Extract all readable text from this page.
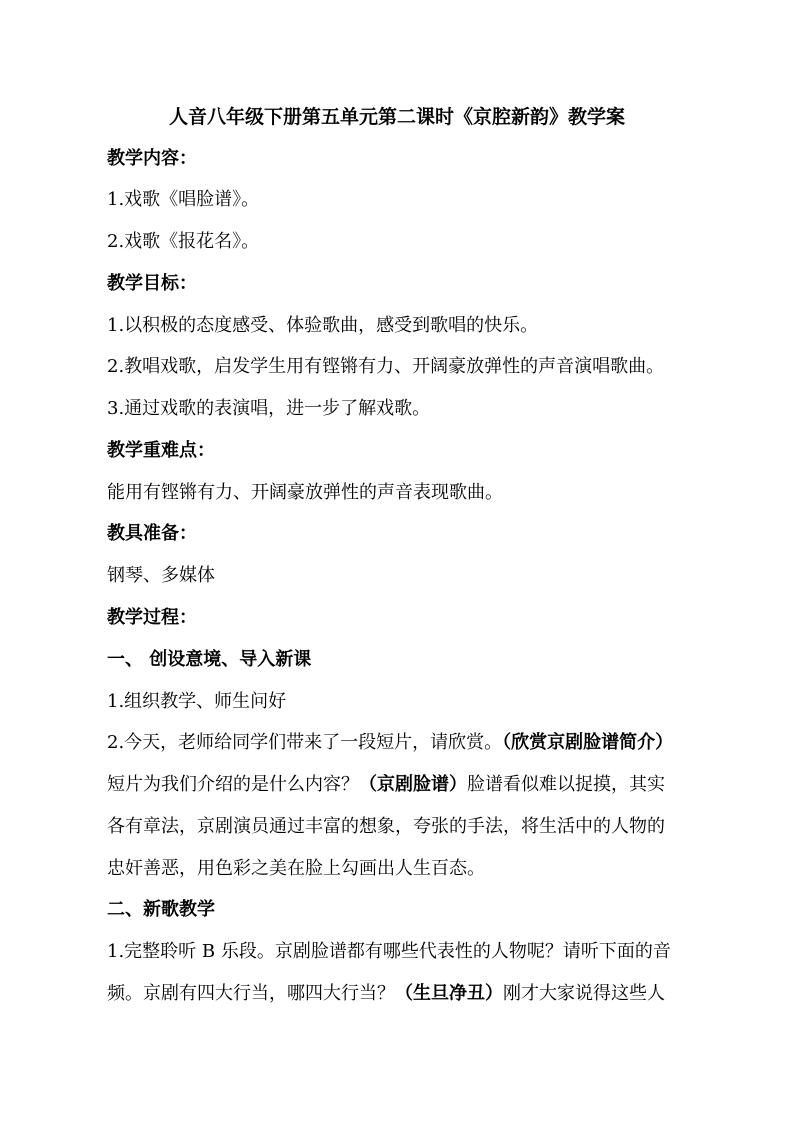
人音八年级下册第五单元第二课时《京腔新韵》教学案
教学内容：
1.戏歌《唱脸谱》。
2.戏歌《报花名》。
教学目标：
1.以积极的态度感受、体验歌曲，感受到歌唱的快乐。
2.教唱戏歌，启发学生用有铿锵有力、开阔豪放弹性的声音演唱歌曲。
3.通过戏歌的表演唱，进一步了解戏歌。
教学重难点：
能用有铿锵有力、开阔豪放弹性的声音表现歌曲。
教具准备：
钢琴、多媒体
教学过程：
一、 创设意境、导入新课
1.组织教学、师生问好
2.今天，老师给同学们带来了一段短片，请欣赏。（欣赏京剧脸谱简介）
短片为我们介绍的是什么内容？（京剧脸谱）脸谱看似难以捉摸，其实
各有章法，京剧演员通过丰富的想象，夸张的手法，将生活中的人物的
忠奸善恶，用色彩之美在脸上勾画出人生百态。
二、新歌教学
1.完整聆听 B 乐段。京剧脸谱都有哪些代表性的人物呢？请听下面的音
频。京剧有四大行当，哪四大行当？（生旦净丑）刚才大家说得这些人
